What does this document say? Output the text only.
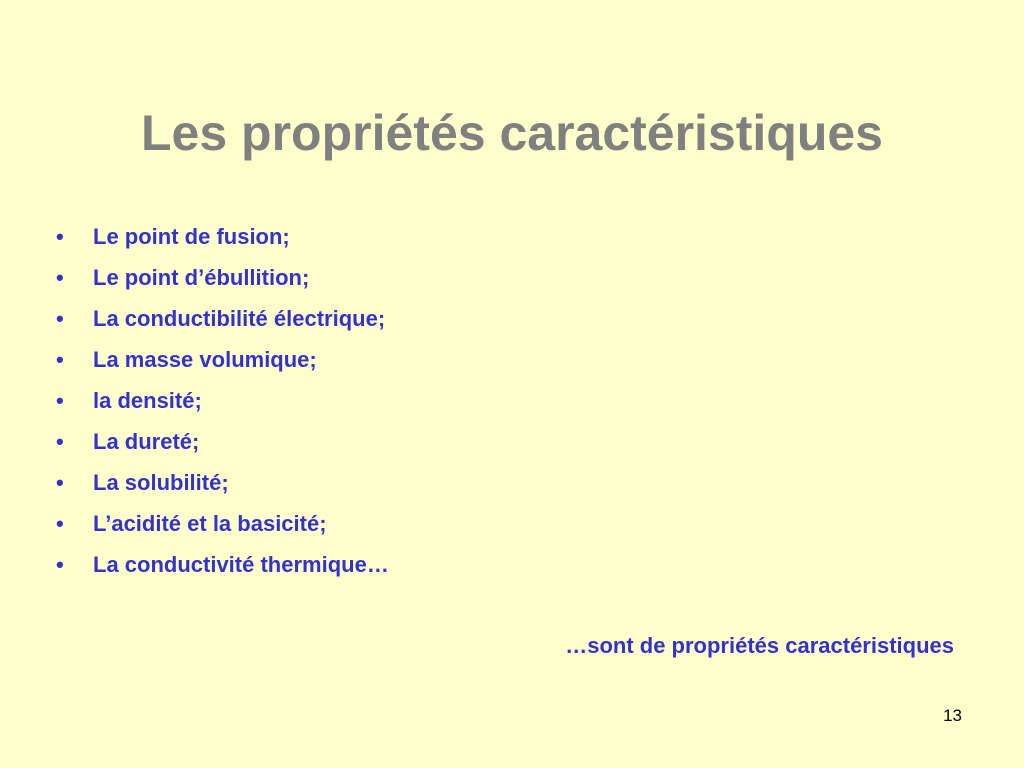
Les propriétés caractéristiques
•	Le point de fusion;
•	Le point d’ébullition;
•	La conductibilité électrique;
•	La masse volumique;
•	la densité;
•	La dureté;
•	La solubilité;
•	L’acidité et la basicité;
•	La conductivité thermique…

…sont de propriétés caractéristiques

13
